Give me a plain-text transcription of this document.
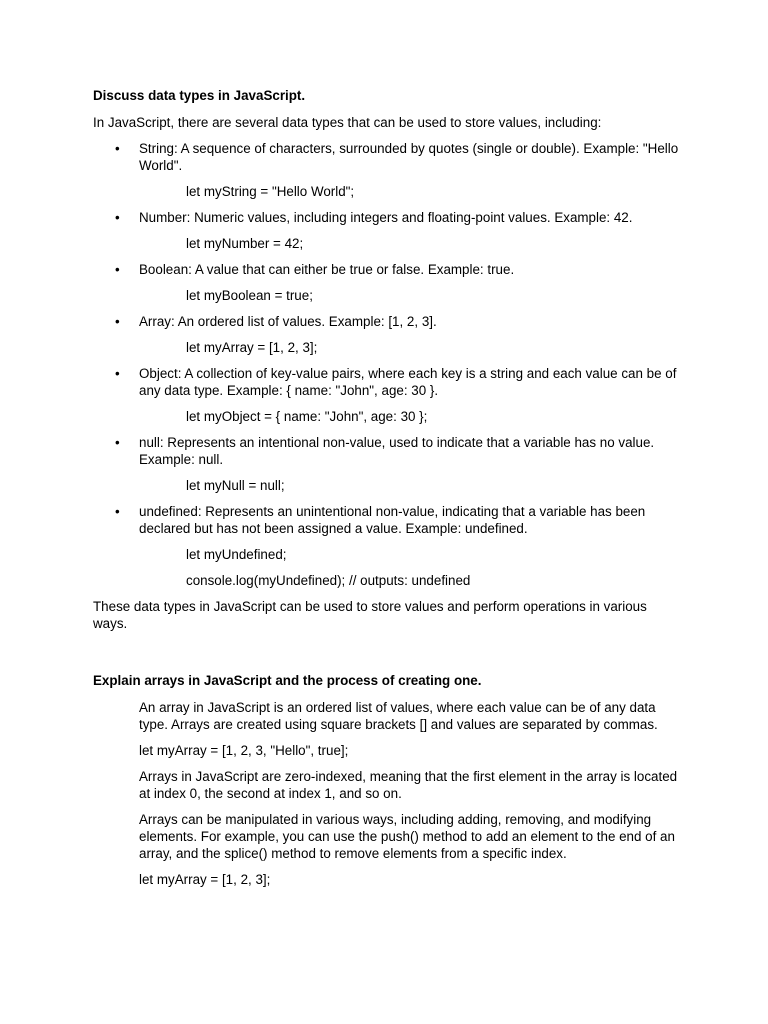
Discuss data types in JavaScript.
In JavaScript, there are several data types that can be used to store values, including:
• String: A sequence of characters, surrounded by quotes (single or double). Example: "Hello World".
let myString = "Hello World";
• Number: Numeric values, including integers and floating-point values. Example: 42.
let myNumber = 42;
• Boolean: A value that can either be true or false. Example: true.
let myBoolean = true;
• Array: An ordered list of values. Example: [1, 2, 3].
let myArray = [1, 2, 3];
• Object: A collection of key-value pairs, where each key is a string and each value can be of any data type. Example: { name: "John", age: 30 }.
let myObject = { name: "John", age: 30 };
• null: Represents an intentional non-value, used to indicate that a variable has no value. Example: null.
let myNull = null;
• undefined: Represents an unintentional non-value, indicating that a variable has been declared but has not been assigned a value. Example: undefined.
let myUndefined;
console.log(myUndefined); // outputs: undefined
These data types in JavaScript can be used to store values and perform operations in various ways.
Explain arrays in JavaScript and the process of creating one.
An array in JavaScript is an ordered list of values, where each value can be of any data type. Arrays are created using square brackets [] and values are separated by commas.
let myArray = [1, 2, 3, "Hello", true];
Arrays in JavaScript are zero-indexed, meaning that the first element in the array is located at index 0, the second at index 1, and so on.
Arrays can be manipulated in various ways, including adding, removing, and modifying elements. For example, you can use the push() method to add an element to the end of an array, and the splice() method to remove elements from a specific index.
let myArray = [1, 2, 3];
